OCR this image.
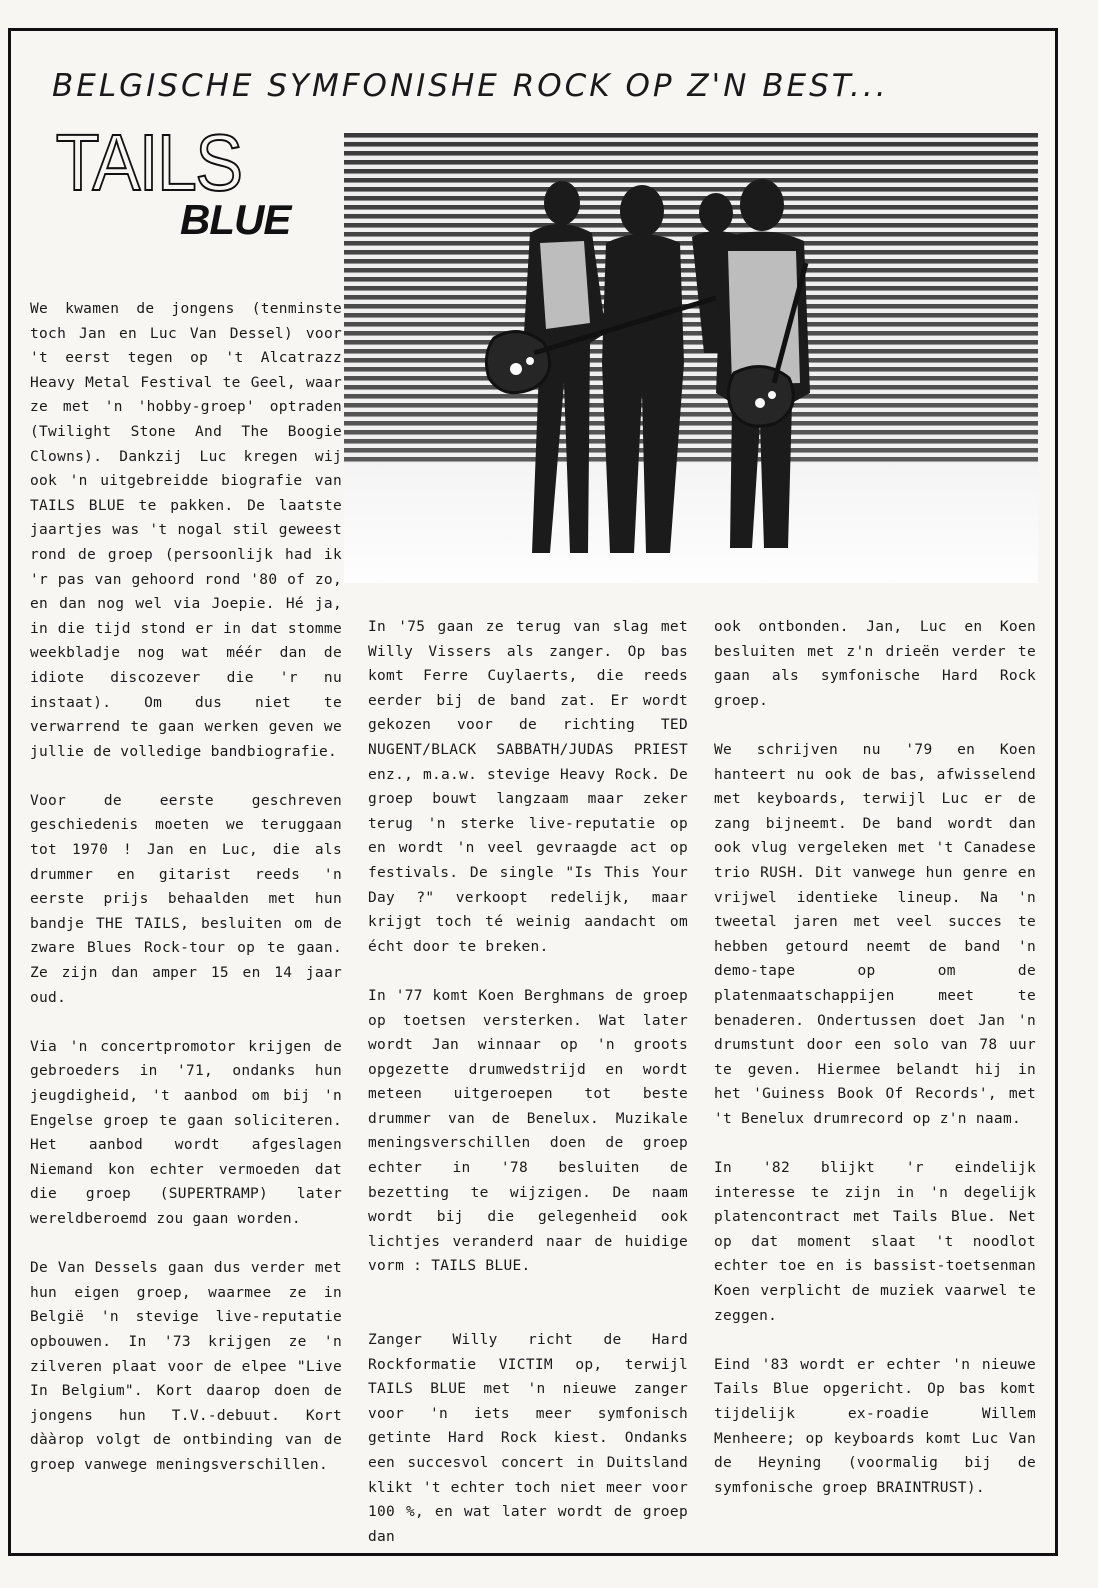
BELGISCHE SYMFONISHE ROCK OP Z'N BEST...
TAILS
BLUE

We kwamen de jongens (tenminste toch Jan en Luc Van Dessel) voor 't eerst tegen op 't Alcatrazz Heavy Metal Festival te Geel, waar ze met 'n 'hobby-groep' optraden (Twilight Stone And The Boogie Clowns). Dankzij Luc kregen wij ook 'n uitgebreidde biografie van TAILS BLUE te pakken. De laatste jaartjes was 't nogal stil geweest rond de groep (persoonlijk had ik 'r pas van gehoord rond '80 of zo, en dan nog wel via Joepie. Hé ja, in die tijd stond er in dat stomme weekbladje nog wat méér dan de idiote discozever die 'r nu instaat). Om dus niet te verwarrend te gaan werken geven we jullie de volledige bandbiografie.

Voor de eerste geschreven geschiedenis moeten we teruggaan tot 1970 ! Jan en Luc, die als drummer en gitarist reeds 'n eerste prijs behaalden met hun bandje THE TAILS, besluiten om de zware Blues Rock-tour op te gaan. Ze zijn dan amper 15 en 14 jaar oud.

Via 'n concertpromotor krijgen de gebroeders in '71, ondanks hun jeugdigheid, 't aanbod om bij 'n Engelse groep te gaan soliciteren. Het aanbod wordt afgeslagen Niemand kon echter vermoeden dat die groep (SUPERTRAMP) later wereldberoemd zou gaan worden.

De Van Dessels gaan dus verder met hun eigen groep, waarmee ze in België 'n stevige live-reputatie opbouwen. In '73 krijgen ze 'n zilveren plaat voor de elpee "Live In Belgium". Kort daarop doen de jongens hun T.V.-debuut. Kort dààrop volgt de ontbinding van de groep vanwege meningsverschillen.

In '75 gaan ze terug van slag met Willy Vissers als zanger. Op bas komt Ferre Cuylaerts, die reeds eerder bij de band zat. Er wordt gekozen voor de richting TED NUGENT/BLACK SABBATH/JUDAS PRIEST enz., m.a.w. stevige Heavy Rock. De groep bouwt langzaam maar zeker terug 'n sterke live-reputatie op en wordt 'n veel gevraagde act op festivals. De single "Is This Your Day ?" verkoopt redelijk, maar krijgt toch té weinig aandacht om écht door te breken.

In '77 komt Koen Berghmans de groep op toetsen versterken. Wat later wordt Jan winnaar op 'n groots opgezette drumwedstrijd en wordt meteen uitgeroepen tot beste drummer van de Benelux. Muzikale meningsverschillen doen de groep echter in '78 besluiten de bezetting te wijzigen. De naam wordt bij die gelegenheid ook lichtjes veranderd naar de huidige vorm : TAILS BLUE.

Zanger Willy richt de Hard Rockformatie VICTIM op, terwijl TAILS BLUE met 'n nieuwe zanger voor 'n iets meer symfonisch getinte Hard Rock kiest. Ondanks een succesvol concert in Duitsland klikt 't echter toch niet meer voor 100 %, en wat later wordt de groep dan

ook ontbonden. Jan, Luc en Koen besluiten met z'n drieën verder te gaan als symfonische Hard Rock groep.

We schrijven nu '79 en Koen hanteert nu ook de bas, afwisselend met keyboards, terwijl Luc er de zang bijneemt. De band wordt dan ook vlug vergeleken met 't Canadese trio RUSH. Dit vanwege hun genre en vrijwel identieke lineup. Na 'n tweetal jaren met veel succes te hebben getourd neemt de band 'n demo-tape op om de platenmaatschappijen meet te benaderen. Ondertussen doet Jan 'n drumstunt door een solo van 78 uur te geven. Hiermee belandt hij in het 'Guiness Book Of Records', met 't Benelux drumrecord op z'n naam.

In '82 blijkt 'r eindelijk interesse te zijn in 'n degelijk platencontract met Tails Blue. Net op dat moment slaat 't noodlot echter toe en is bassist-toetsenman Koen verplicht de muziek vaarwel te zeggen.

Eind '83 wordt er echter 'n nieuwe Tails Blue opgericht. Op bas komt tijdelijk ex-roadie Willem Menheere; op keyboards komt Luc Van de Heyning (voormalig bij de symfonische groep BRAINTRUST).
